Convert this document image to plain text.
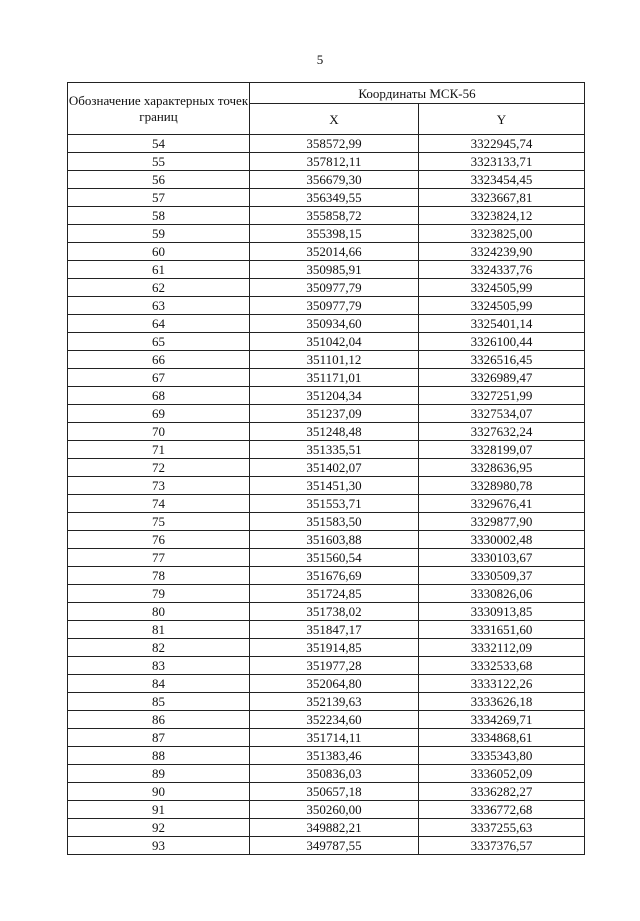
5
Обозначение характерных точек границ	Координаты МСК-56	
	X	Y
54	358572,99	3322945,74
55	357812,11	3323133,71
56	356679,30	3323454,45
57	356349,55	3323667,81
58	355858,72	3323824,12
59	355398,15	3323825,00
60	352014,66	3324239,90
61	350985,91	3324337,76
62	350977,79	3324505,99
63	350977,79	3324505,99
64	350934,60	3325401,14
65	351042,04	3326100,44
66	351101,12	3326516,45
67	351171,01	3326989,47
68	351204,34	3327251,99
69	351237,09	3327534,07
70	351248,48	3327632,24
71	351335,51	3328199,07
72	351402,07	3328636,95
73	351451,30	3328980,78
74	351553,71	3329676,41
75	351583,50	3329877,90
76	351603,88	3330002,48
77	351560,54	3330103,67
78	351676,69	3330509,37
79	351724,85	3330826,06
80	351738,02	3330913,85
81	351847,17	3331651,60
82	351914,85	3332112,09
83	351977,28	3332533,68
84	352064,80	3333122,26
85	352139,63	3333626,18
86	352234,60	3334269,71
87	351714,11	3334868,61
88	351383,46	3335343,80
89	350836,03	3336052,09
90	350657,18	3336282,27
91	350260,00	3336772,68
92	349882,21	3337255,63
93	349787,55	3337376,57
